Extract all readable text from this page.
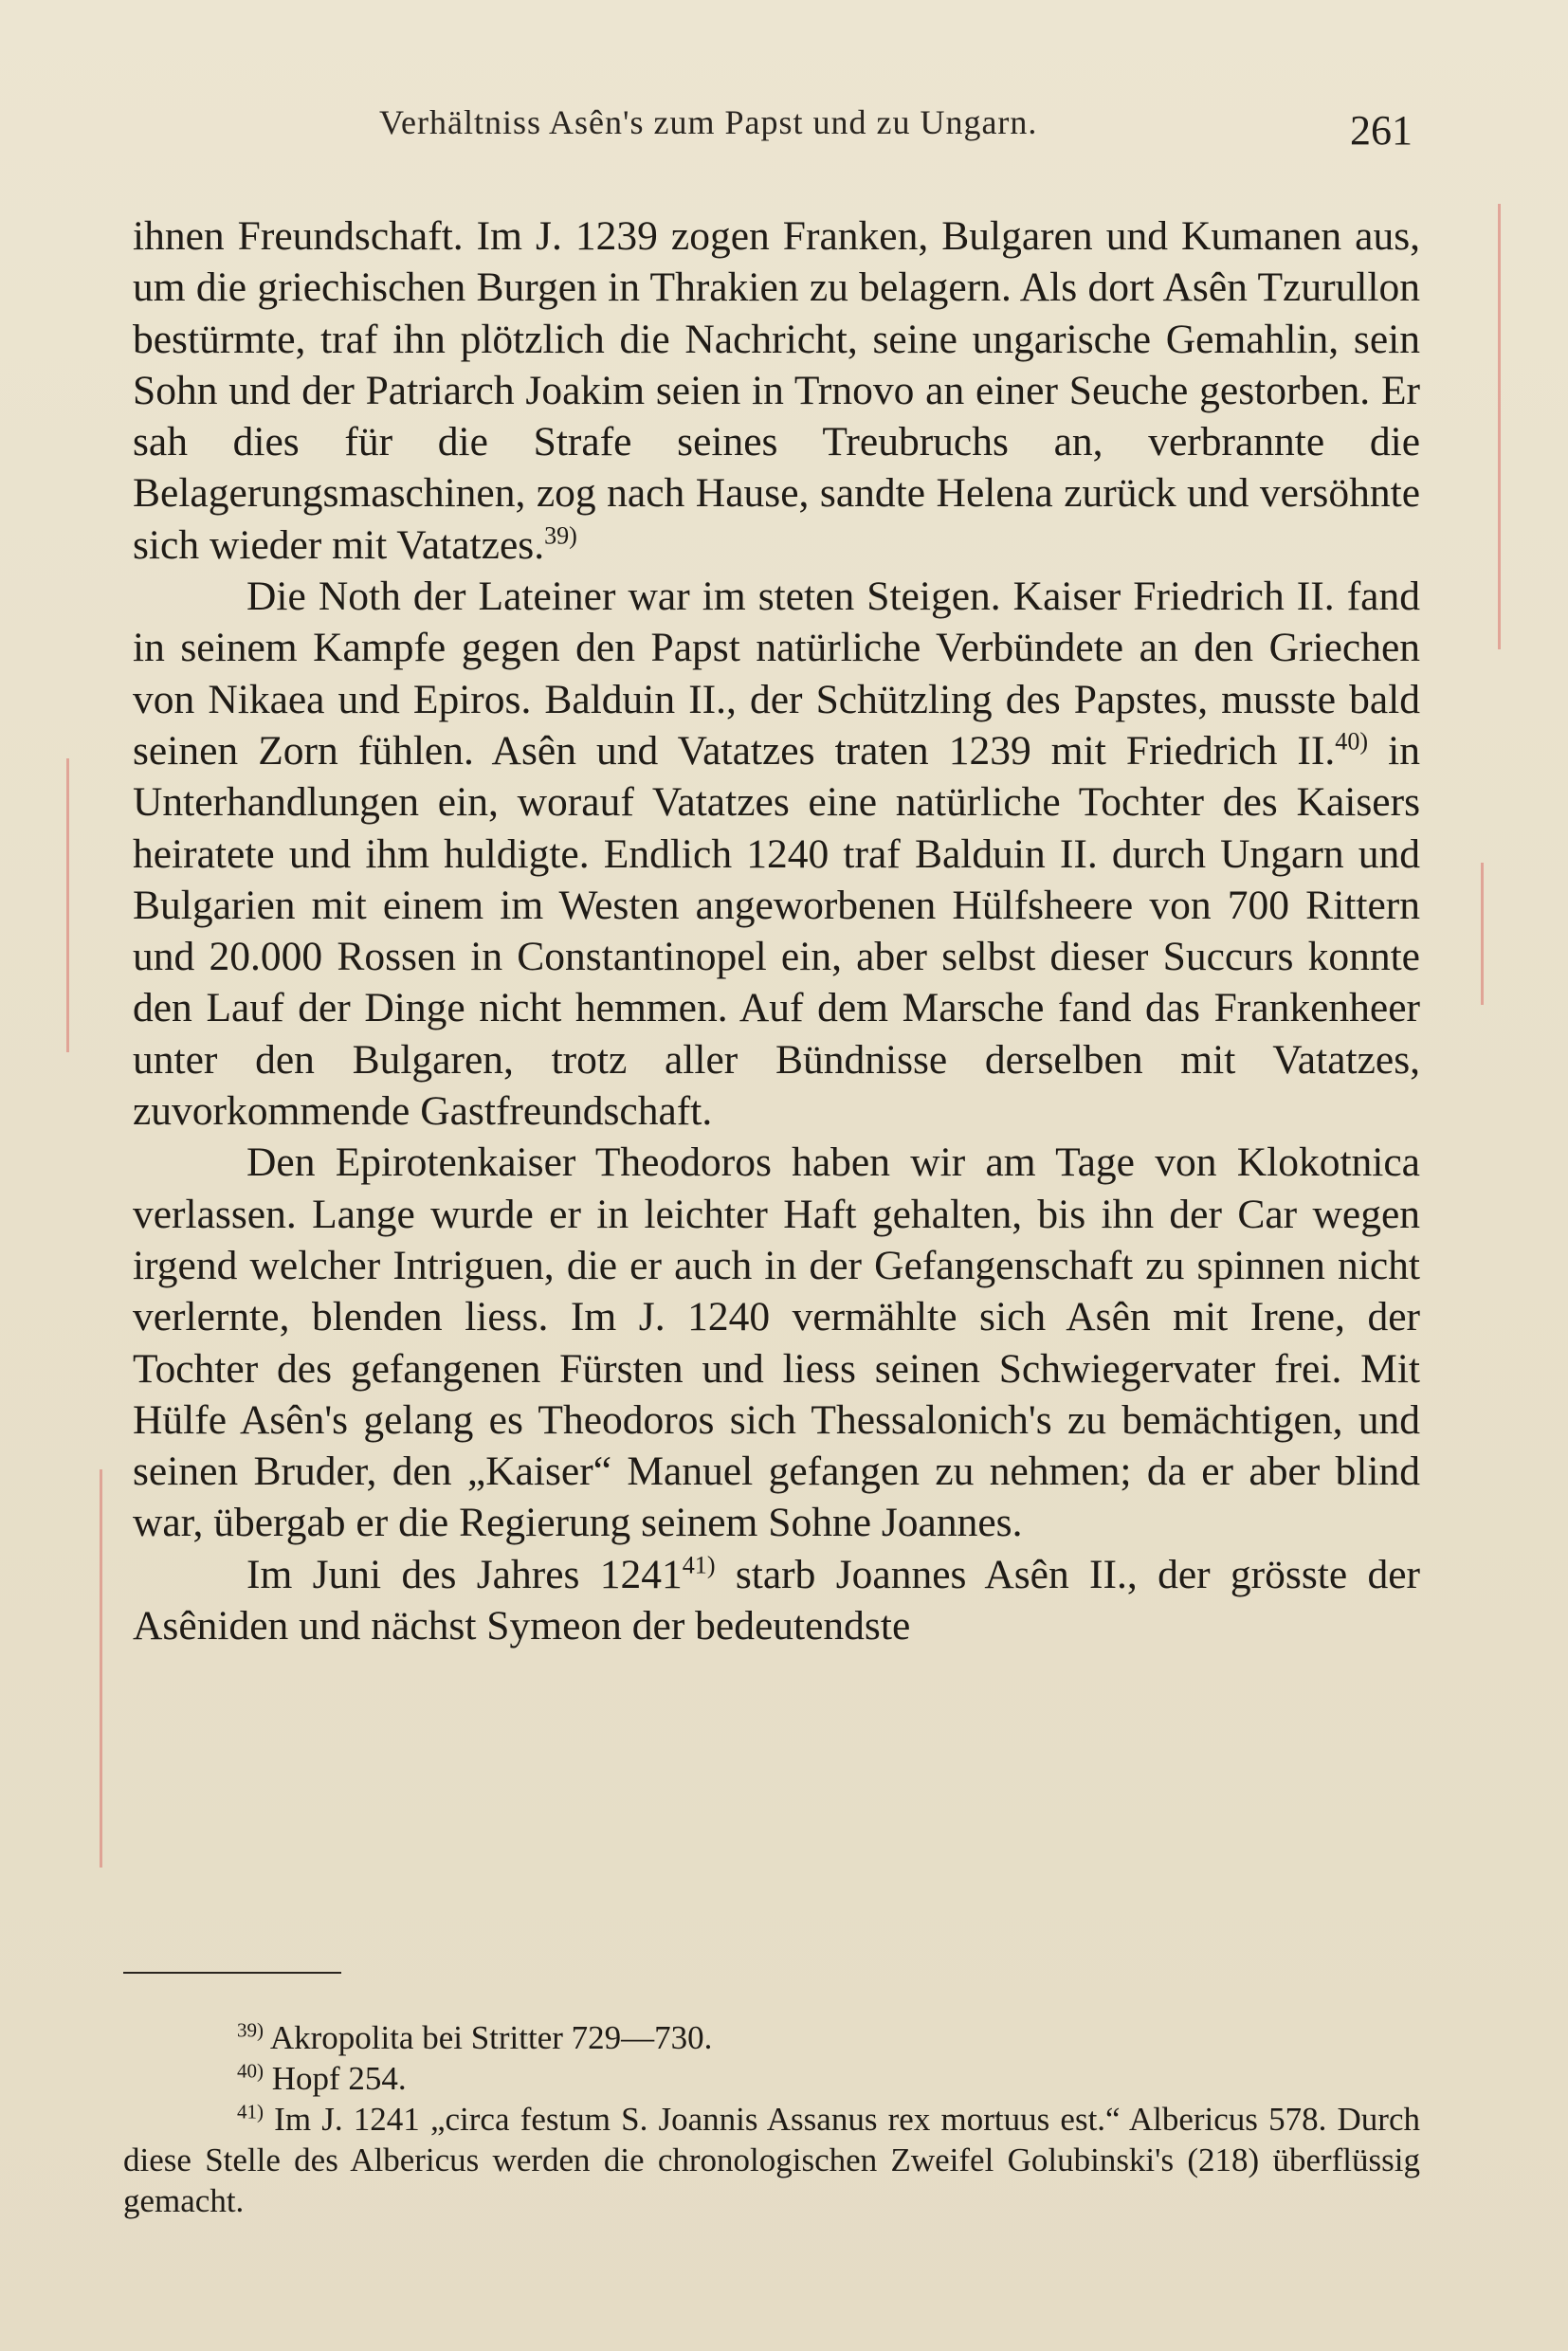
Verhältniss Asên's zum Papst und zu Ungarn.	261

ihnen Freundschaft. Im J. 1239 zogen Franken, Bulgaren und Kumanen aus, um die griechischen Burgen in Thrakien zu belagern. Als dort Asên Tzurullon bestürmte, traf ihn plötzlich die Nachricht, seine ungarische Gemahlin, sein Sohn und der Patriarch Joakim seien in Trnovo an einer Seuche gestorben. Er sah dies für die Strafe seines Treubruchs an, verbrannte die Belagerungsmaschinen, zog nach Hause, sandte Helena zurück und versöhnte sich wieder mit Vatatzes.$^{39)}$

Die Noth der Lateiner war im steten Steigen. Kaiser Friedrich II. fand in seinem Kampfe gegen den Papst natürliche Verbündete an den Griechen von Nikaea und Epiros. Balduin II., der Schützling des Papstes, musste bald seinen Zorn fühlen. Asên und Vatatzes traten 1239 mit Friedrich II.$^{40)}$ in Unterhandlungen ein, worauf Vatatzes eine natürliche Tochter des Kaisers heiratete und ihm huldigte. Endlich 1240 traf Balduin II. durch Ungarn und Bulgarien mit einem im Westen angeworbenen Hülfsheere von 700 Rittern und 20.000 Rossen in Constantinopel ein, aber selbst dieser Succurs konnte den Lauf der Dinge nicht hemmen. Auf dem Marsche fand das Frankenheer unter den Bulgaren, trotz aller Bündnisse derselben mit Vatatzes, zuvorkommende Gastfreundschaft.

Den Epirotenkaiser Theodoros haben wir am Tage von Klokotnica verlassen. Lange wurde er in leichter Haft gehalten, bis ihn der Car wegen irgend welcher Intriguen, die er auch in der Gefangenschaft zu spinnen nicht verlernte, blenden liess. Im J. 1240 vermählte sich Asên mit Irene, der Tochter des gefangenen Fürsten und liess seinen Schwiegervater frei. Mit Hülfe Asên's gelang es Theodoros sich Thessalonich's zu bemächtigen, und seinen Bruder, den „Kaiser“ Manuel gefangen zu nehmen; da er aber blind war, übergab er die Regierung seinem Sohne Joannes.

Im Juni des Jahres 1241$^{41)}$ starb Joannes Asên II., der grösste der Asêniden und nächst Symeon der bedeutendste

$^{39)}$ Akropolita bei Stritter 729—730.

$^{40)}$ Hopf 254.

$^{41)}$ Im J. 1241 „circa festum S. Joannis Assanus rex mortuus est.“ Albericus 578. Durch diese Stelle des Albericus werden die chronologischen Zweifel Golubinski's (218) überflüssig gemacht.
